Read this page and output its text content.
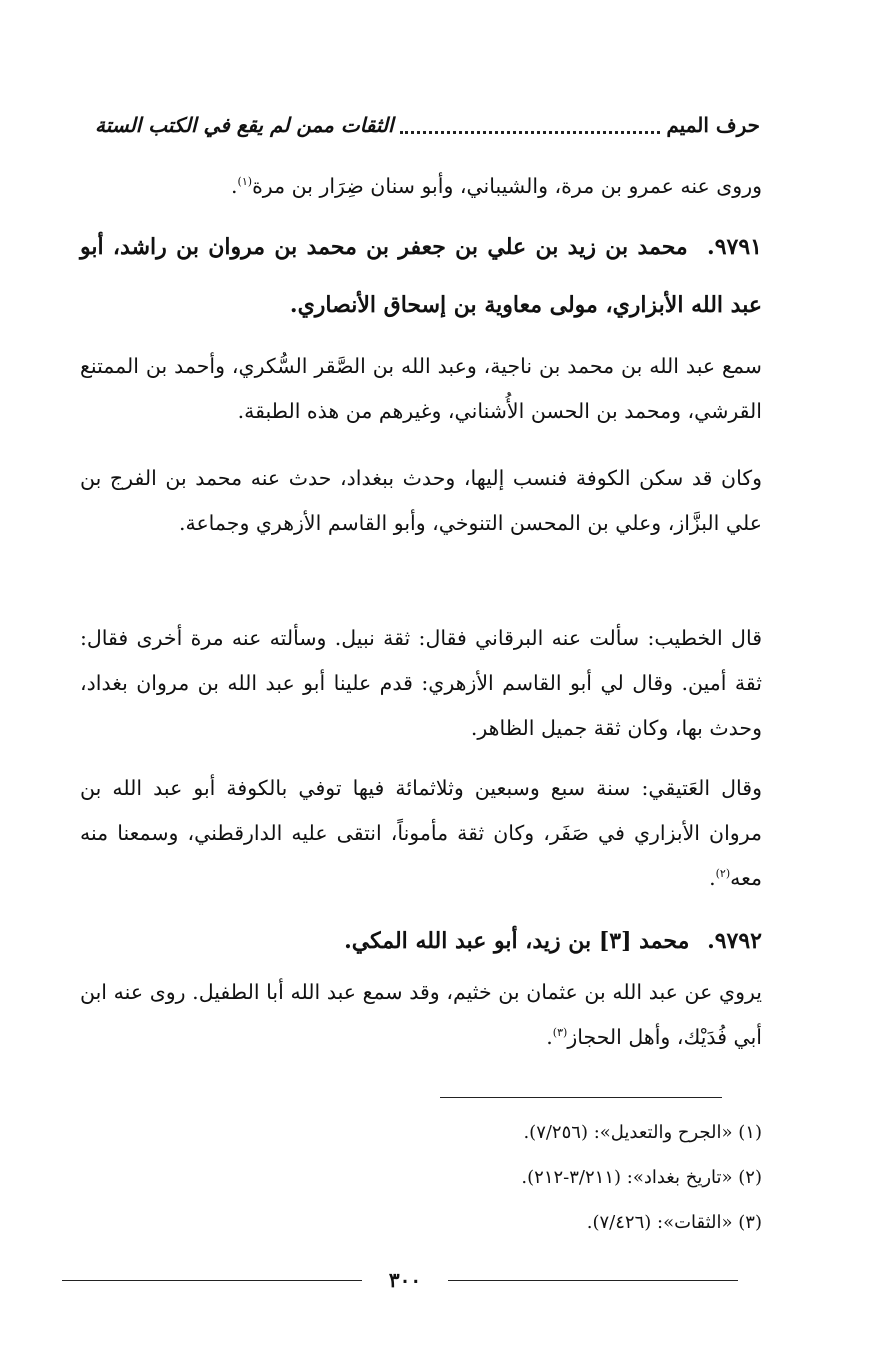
حرف الميم
الثقات ممن لم يقع في الكتب الستة
وروى عنه عمرو بن مرة، والشيباني، وأبو سنان ضِرَار بن مرة$^{(١)}$.
٩٧٩١. محمد بن زيد بن علي بن جعفر بن محمد بن مروان بن راشد، أبو عبد الله الأبزاري، مولى معاوية بن إسحاق الأنصاري.
سمع عبد الله بن محمد بن ناجية، وعبد الله بن الصَّقر السُّكري، وأحمد بن الممتنع القرشي، ومحمد بن الحسن الأُشناني، وغيرهم من هذه الطبقة.
وكان قد سكن الكوفة فنسب إليها، وحدث ببغداد، حدث عنه محمد بن الفرج بن علي البزَّاز، وعلي بن المحسن التنوخي، وأبو القاسم الأزهري وجماعة.
قال الخطيب: سألت عنه البرقاني فقال: ثقة نبيل. وسألته عنه مرة أخرى فقال: ثقة أمين. وقال لي أبو القاسم الأزهري: قدم علينا أبو عبد الله بن مروان بغداد، وحدث بها، وكان ثقة جميل الظاهر.
وقال العَتيقي: سنة سبع وسبعين وثلاثمائة فيها توفي بالكوفة أبو عبد الله بن مروان الأبزاري في صَفَر، وكان ثقة مأموناً، انتقى عليه الدارقطني، وسمعنا منه معه$^{(٢)}$.
٩٧٩٢. محمد [٣] بن زيد، أبو عبد الله المكي.
يروي عن عبد الله بن عثمان بن خثيم، وقد سمع عبد الله أبا الطفيل. روى عنه ابن أبي فُدَيْك، وأهل الحجاز$^{(٣)}$.
(١) «الجرح والتعديل»: (٧/٢٥٦).
(٢) «تاريخ بغداد»: (٣/٢١١-٢١٢).
(٣) «الثقات»: (٧/٤٢٦).
٣٠٠
